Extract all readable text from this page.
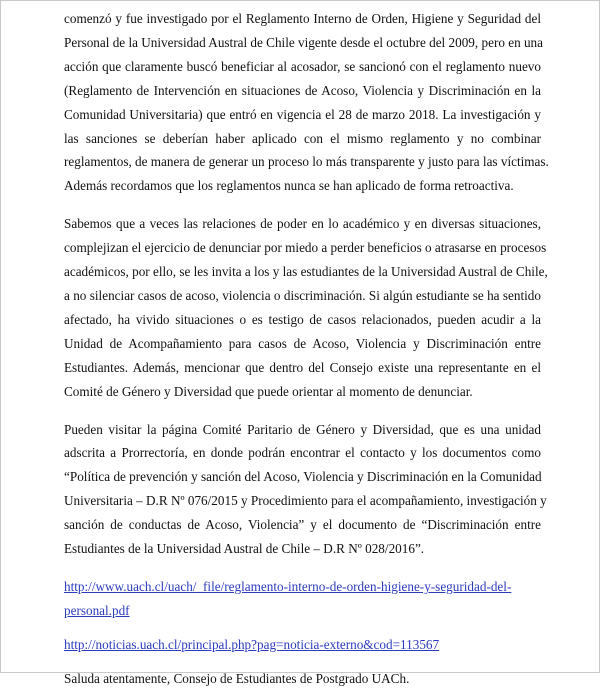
comenzó y fue investigado por el Reglamento Interno de Orden, Higiene y Seguridad del
Personal de la Universidad Austral de Chile vigente desde el octubre del 2009, pero en una
acción que claramente buscó beneficiar al acosador, se sancionó con el reglamento nuevo
(Reglamento de Intervención en situaciones de Acoso, Violencia y Discriminación en la
Comunidad Universitaria) que entró en vigencia el 28 de marzo 2018. La investigación y
las sanciones se deberían haber aplicado con el mismo reglamento y no combinar
reglamentos, de manera de generar un proceso lo más transparente y justo para las víctimas.
Además recordamos que los reglamentos nunca se han aplicado de forma retroactiva.
Sabemos que a veces las relaciones de poder en lo académico y en diversas situaciones,
complejizan el ejercicio de denunciar por miedo a perder beneficios o atrasarse en procesos
académicos, por ello, se les invita a los y las estudiantes de la Universidad Austral de Chile,
a no silenciar casos de acoso, violencia o discriminación. Si algún estudiante se ha sentido
afectado, ha vivido situaciones o es testigo de casos relacionados, pueden acudir a la
Unidad de Acompañamiento para casos de Acoso, Violencia y Discriminación entre
Estudiantes. Además, mencionar que dentro del Consejo existe una representante en el
Comité de Género y Diversidad que puede orientar al momento de denunciar.
Pueden visitar la página Comité Paritario de Género y Diversidad, que es una unidad
adscrita a Prorrectoría, en donde podrán encontrar el contacto y los documentos como
“Política de prevención y sanción del Acoso, Violencia y Discriminación en la Comunidad
Universitaria – D.R Nº 076/2015 y Procedimiento para el acompañamiento, investigación y
sanción de conductas de Acoso, Violencia” y el documento de “Discriminación entre
Estudiantes de la Universidad Austral de Chile – D.R Nº 028/2016”.
http://www.uach.cl/uach/_file/reglamento-interno-de-orden-higiene-y-seguridad-del-
personal.pdf
http://noticias.uach.cl/principal.php?pag=noticia-externo&cod=113567

Saluda atentamente, Consejo de Estudiantes de Postgrado UACh.
